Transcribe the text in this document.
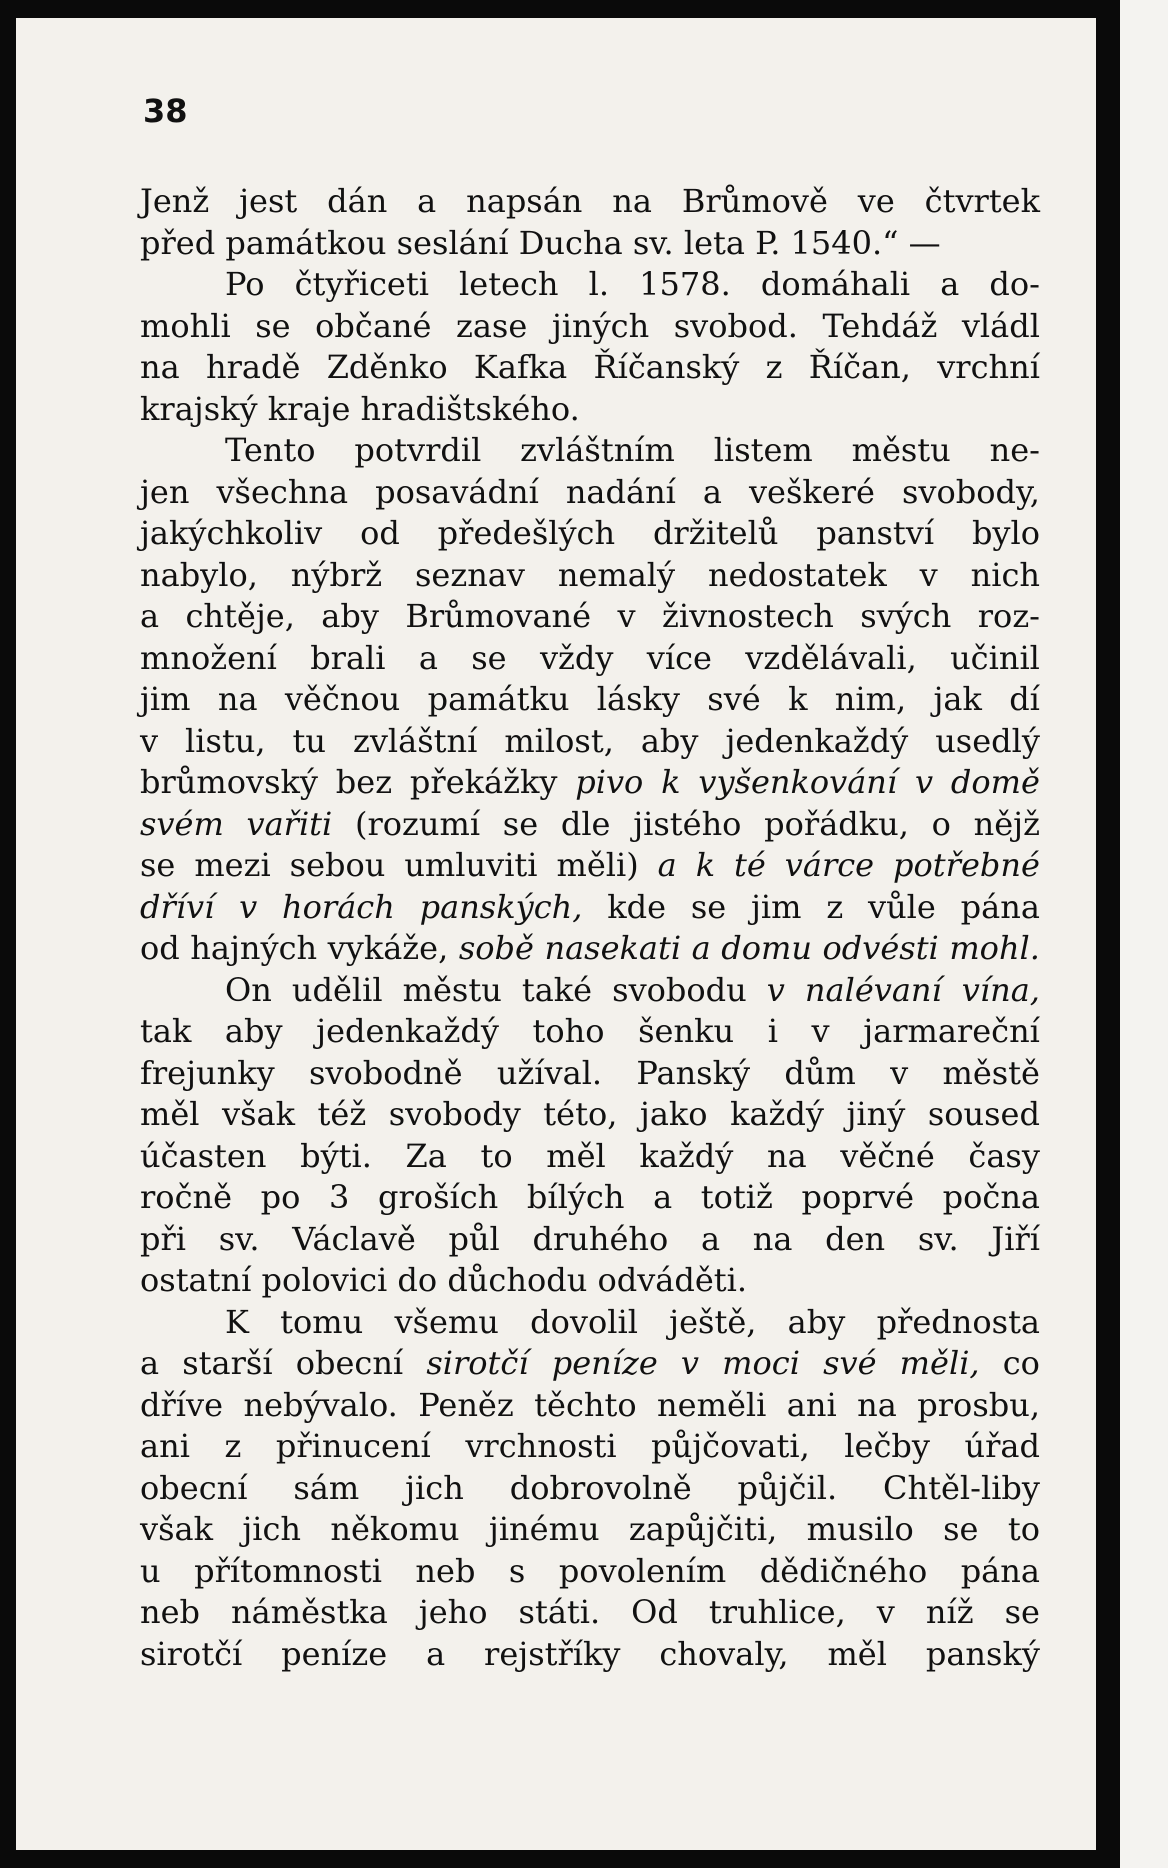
38
Jenž jest dán a napsán na Brůmově ve čtvrtek
před památkou seslání Ducha sv. leta P. 1540.“ —
Po čtyřiceti letech l. 1578. domáhali a do-
mohli se občané zase jiných svobod. Tehdáž vládl
na hradě Zděnko Kafka Říčanský z Říčan, vrchní
krajský kraje hradištského.
Tento potvrdil zvláštním listem městu ne-
jen všechna posavádní nadání a veškeré svobody,
jakýchkoliv od předešlých držitelů panství bylo
nabylo, nýbrž seznav nemalý nedostatek v nich
a chtěje, aby Brůmované v živnostech svých roz-
množení brali a se vždy více vzdělávali, učinil
jim na věčnou památku lásky své k nim, jak dí
v listu, tu zvláštní milost, aby jedenkaždý usedlý
brůmovský bez překážky pivo k vyšenkování v domě
svém vařiti (rozumí se dle jistého pořádku, o nějž
se mezi sebou umluviti měli) a k té várce potřebné
dříví v horách panských, kde se jim z vůle pána
od hajných vykáže, sobě nasekati a domu odvésti mohl.
On udělil městu také svobodu v nalévaní vína,
tak aby jedenkaždý toho šenku i v jarmareční
frejunky svobodně užíval. Panský dům v městě
měl však též svobody této, jako každý jiný soused
účasten býti. Za to měl každý na věčné časy
ročně po 3 groších bílých a totiž poprvé počna
při sv. Václavě půl druhého a na den sv. Jiří
ostatní polovici do důchodu odváděti.
K tomu všemu dovolil ještě, aby přednosta
a starší obecní sirotčí peníze v moci své měli, co
dříve nebývalo. Peněz těchto neměli ani na prosbu,
ani z přinucení vrchnosti půjčovati, lečby úřad
obecní sám jich dobrovolně půjčil. Chtěl-liby
však jich někomu jinému zapůjčiti, musilo se to
u přítomnosti neb s povolením dědičného pána
neb náměstka jeho státi. Od truhlice, v níž se
sirotčí peníze a rejstříky chovaly, měl panský
